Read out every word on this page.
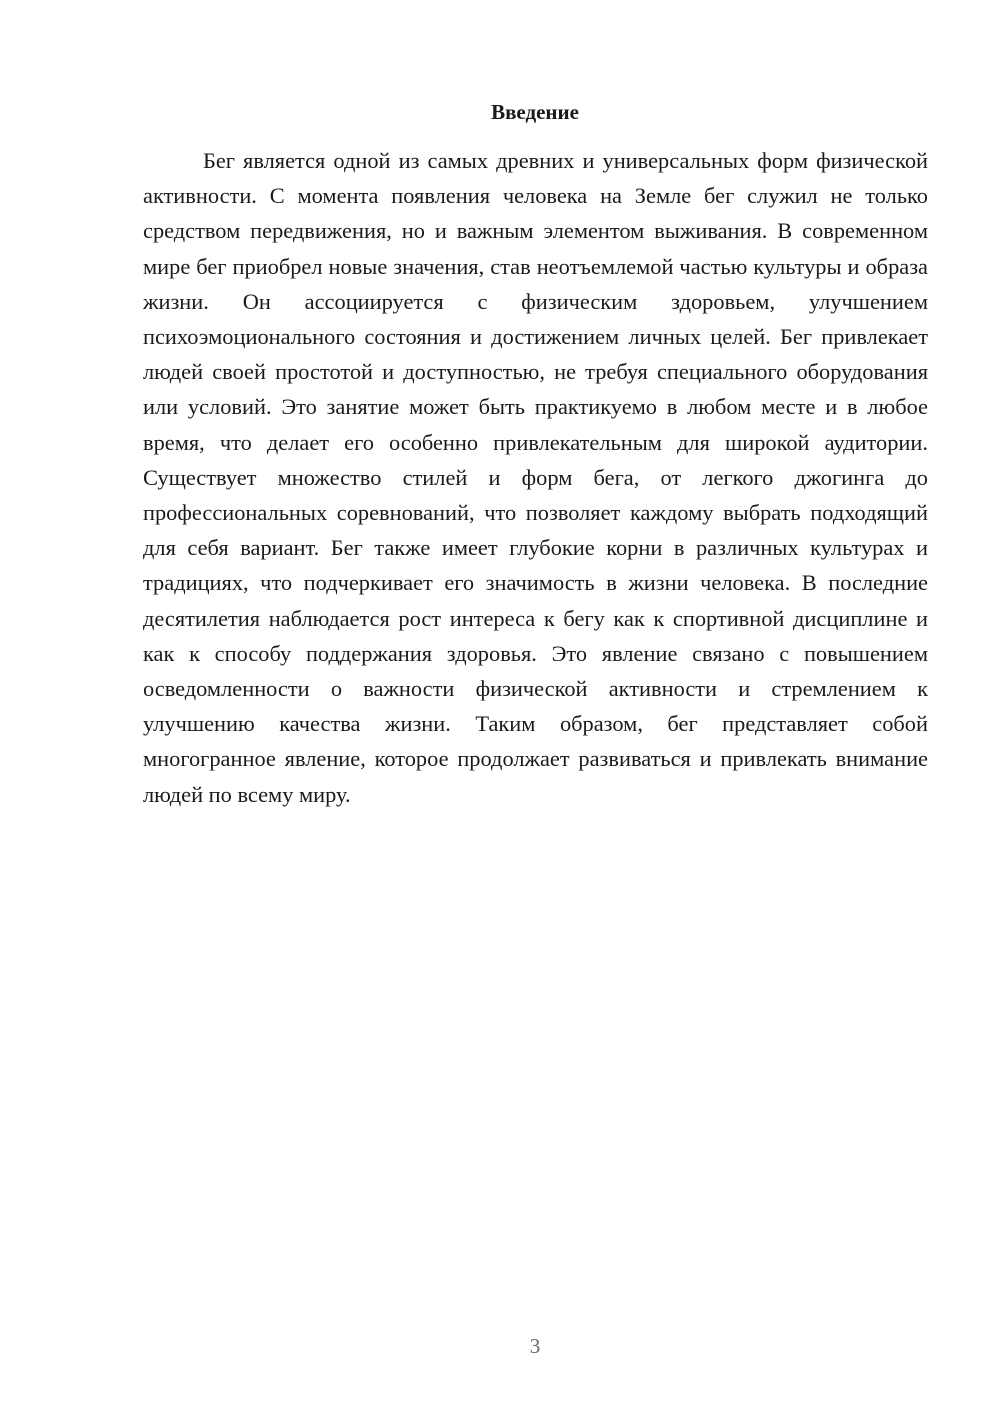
Введение

Бег является одной из самых древних и универсальных форм физической активности. С момента появления человека на Земле бег служил не только средством передвижения, но и важным элементом выживания. В современном мире бег приобрел новые значения, став неотъемлемой частью культуры и образа жизни. Он ассоциируется с физическим здоровьем, улучшением психоэмоционального состояния и достижением личных целей. Бег привлекает людей своей простотой и доступностью, не требуя специального оборудования или условий. Это занятие может быть практикуемо в любом месте и в любое время, что делает его особенно привлекательным для широкой аудитории. Существует множество стилей и форм бега, от легкого джогинга до профессиональных соревнований, что позволяет каждому выбрать подходящий для себя вариант. Бег также имеет глубокие корни в различных культурах и традициях, что подчеркивает его значимость в жизни человека. В последние десятилетия наблюдается рост интереса к бегу как к спортивной дисциплине и как к способу поддержания здоровья. Это явление связано с повышением осведомленности о важности физической активности и стремлением к улучшению качества жизни. Таким образом, бег представляет собой многогранное явление, которое продолжает развиваться и привлекать внимание людей по всему миру.

3
